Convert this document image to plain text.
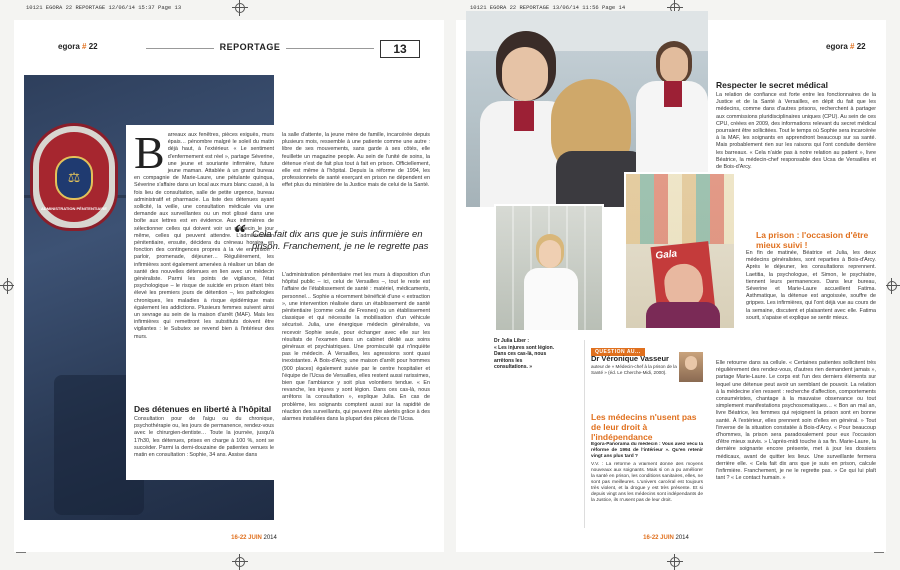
10121 EGORA 22 REPORTAGE 12/06/14 15:37 Page 13	10121 EGORA 22 REPORTAGE 13/06/14 11:56 Page 14
egora # 22	REPORTAGE	13
⚖
ADMINISTRATION PÉNITENTIAIRE
B arreaux aux fenêtres, pièces exiguës, murs épais… pénombre malgré le soleil du matin déjà haut, à l'extérieur. « Le sentiment d'enfermement est réel », partage Séverine, une jeune et souriante infirmière, future jeune maman. Attablée à un grand bureau en compagnie de Marie-Laure, une pétulante quinqua, Séverine s'affaire dans un local aux murs blanc cassé, à la fois lieu de consultation, salle de petite urgence, bureau administratif et pharmacie. La liste des détenues ayant sollicité, la veille, une consultation médicale via une demande aux surveillantes ou un mot glissé dans une boîte aux lettres est en évidence. Aux infirmières de sélectionner celles qui doivent voir un médecin le jour même, celles qui peuvent attendre. L'administration pénitentiaire, ensuite, décidera du créneau horaire, en fonction des contingences propres à la vie en prison : parloir, promenade, déjeuner… Régulièrement, les infirmières sont également amenées à réaliser un bilan de santé des nouvelles détenues en lien avec un médecin généraliste. Parmi les points de vigilance, l'état psychologique – le risque de suicide en prison étant très élevé les premiers jours de détention –, les pathologies chroniques, les maladies à risque épidémique mais également les addictions. Plusieurs femmes suivent ainsi un sevrage au sein de la maison d'arrêt (MAF). Mais les infirmières qui remettront les substituts doivent être vigilantes : le Subutex se revend bien à l'intérieur des murs.
Des détenues en liberté à l'hôpital
Consultation pour de l'aigu ou du chronique, psychothérapie ou, les jours de permanence, rendez-vous avec le chirurgien-dentiste… Toute la journée, jusqu'à 17h30, les détenues, prises en charge à 100 %, sont se succéder. Parmi la demi-douzaine de patientes venues le matin en consultation : Sophie, 34 ans. Assise dans
la salle d'attente, la jeune mère de famille, incarcérée depuis plusieurs mois, ressemble à une patiente comme une autre : libre de ses mouvements, sans garde à ses côtés, elle feuillette un magazine people. Au sein de l'unité de soins, la détenue n'est de fait plus tout à fait en prison. Officiellement, elle est même à l'hôpital. Depuis la réforme de 1994, les professionnels de santé exerçant en prison ne dépendent en effet plus du ministère de la Justice mais de celui de la Santé.
“ Cela fait dix ans que je suis infirmière en prison. Franchement, je ne le regrette pas
L'administration pénitentiaire met les murs à disposition d'un hôpital public – ici, celui de Versailles –, tout le reste est l'affaire de l'établissement de santé : matériel, médicaments, personnel… Sophie a récemment bénéficié d'une « extraction », une intervention réalisée dans un établissement de santé pénitentiaire (comme celui de Fresnes) ou un établissement classique et qui nécessite la mobilisation d'un véhicule sécurisé. Julia, une énergique médecin généraliste, va recevoir Sophie seule, pour échanger avec elle sur les résultats de l'examen dans un cabinet dédié aux soins généraux et psychiatriques. Une promiscuité qui n'inquiète pas le médecin. À Versailles, les agressions sont quasi inexistantes. À Bois-d'Arcy, une maison d'arrêt pour hommes (900 places) également suivie par le centre hospitalier et l'équipe de l'Ucsa de Versailles, elles restent aussi rarissimes, bien que l'ambiance y soit plus volontiers tendue. « En revanche, les injures y sont légion. Dans ces cas-là, nous arrêtons la consultation », explique Julia. En cas de problème, les soignants comptent aussi sur la rapidité de réaction des surveillants, qui peuvent être alertés grâce à des alarmes installées dans la plupart des pièces de l'Ucsa.
16-22 JUIN 2014
egora # 22
Gala
Dr Julia Liber :
« Les injures sont légion. Dans ces cas-là, nous arrêtons les consultations. »
QUESTION AU...
Dr Véronique Vasseur
auteur de « Médecin-chef à la prison de la Santé » (éd. Le Cherche-Midi, 2000).
Les médecins n'usent pas de leur droit à l'indépendance
Egora-Panorama du médecin : Vous avez vécu la réforme de 1994 de l'intérieur ». Qu'en retenir vingt ans plus tard ?
V.V. : La réforme a vraiment donné des moyens nouveaux aux soignants. Mais si on a pu améliorer la santé en prison, les conditions sanitaires, elles, ne sont pas meilleures. L'univers carcéral est toujours très violent, et la drogue y est très présente. Et si depuis vingt ans les médecins sont indépendants de la Justice, ils n'usent pas de leur droit.
Respecter le secret médical
La relation de confiance est forte entre les fonctionnaires de la Justice et de la Santé à Versailles, en dépit du fait que les médecins, comme dans d'autres prisons, recherchent à partager aux commissions pluridisciplinaires uniques (CPU). Au sein de ces CPU, créées en 2009, des informations relevant du secret médical pourraient être sollicitées. Tout le temps où Sophie sera incarcérée à la MAF, les soignants en apprendront beaucoup sur sa santé. Mais probablement rien sur les raisons qui l'ont conduite derrière les barreaux. « Cela n'aide pas à notre relation au patient », livre Béatrice, la médecin-chef responsable des Ucsa de Versailles et de Bois-d'Arcy.
La prison : l'occasion d'être mieux suivi !
En fin de matinée, Béatrice et Julia, les deux médecins généralistes, sont reparties à Bois-d'Arcy. Après le déjeuner, les consultations reprennent. Laetitia, la psychologue, et Simon, le psychiatre, tiennent leurs permanences. Dans leur bureau, Séverine et Marie-Laure accueillent Fatima. Asthmatique, la détenue est angoissée, souffre de grippes. Les infirmières, qui l'ont déjà vue au cours de la semaine, discutent et plaisantent avec elle. Fatima sourit, s'apaise et explique se sentir mieux.
Elle retourne dans sa cellule. « Certaines patientes sollicitent très régulièrement des rendez-vous, d'autres rien demandent jamais », partage Marie-Laure. Le corps est l'un des derniers éléments sur lequel une détenue peut avoir un semblant de pouvoir. La relation à la médecine s'en ressent : recherche d'affection, comportements consuméristes, chantage à la mauvaise observance ou tout simplement manifestations psychosomatiques… « Bon an mal an, livre Béatrice, les femmes qui rejoignent la prison sont en bonne santé. À l'extérieur, elles prennent soin d'elles en général. » Tout l'inverse de la situation constatée à Bois-d'Arcy. « Pour beaucoup d'hommes, la prison sera paradoxalement pour eux l'occasion d'être mieux suivis. » L'après-midi touche à sa fin. Marie-Laure, la dernière soignante encore présente, met à jour les dossiers médicaux, avant de quitter les lieux. Une surveillante fermera derrière elle. « Cela fait dix ans que je suis en prison, calcule l'infirmière. Franchement, je ne le regrette pas. » Ce qui lui plaît tant ? « Le contact humain. »
16-22 JUIN 2014
